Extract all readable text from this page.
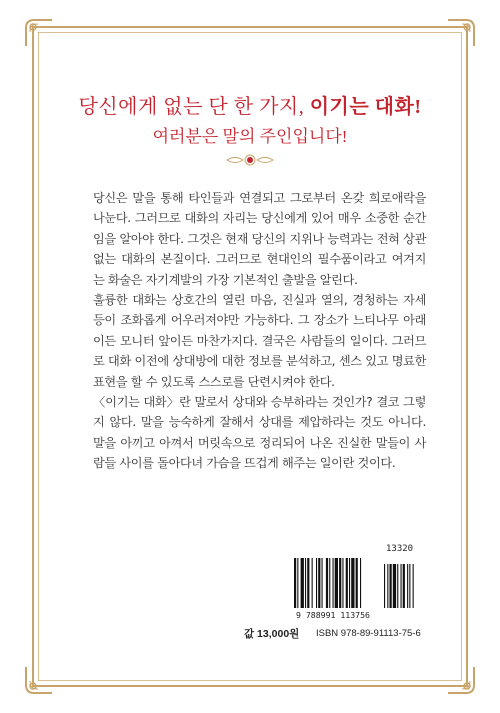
당신에게 없는 단 한 가지, 이기는 대화!
여러분은 말의 주인입니다!

당신은 말을 통해 타인들과 연결되고 그로부터 온갖 희로애락을 나눈다. 그러므로 대화의 자리는 당신에게 있어 매우 소중한 순간임을 알아야 한다. 그것은 현재 당신의 지위나 능력과는 전혀 상관없는 대화의 본질이다. 그러므로 현대인의 필수품이라고 여겨지는 화술은 자기계발의 가장 기본적인 출발을 알린다.

훌륭한 대화는 상호간의 열린 마음, 진실과 열의, 경청하는 자세 등이 조화롭게 어우러져야만 가능하다. 그 장소가 느티나무 아래이든 모니터 앞이든 마찬가지다. 결국은 사람들의 일이다. 그러므로 대화 이전에 상대방에 대한 정보를 분석하고, 센스 있고 명료한 표현을 할 수 있도록 스스로를 단련시켜야 한다.

〈이기는 대화〉란 말로서 상대와 승부하라는 것인가? 결코 그렇지 않다. 말을 능숙하게 잘해서 상대를 제압하라는 것도 아니다. 말을 아끼고 아껴서 머릿속으로 정리되어 나온 진실한 말들이 사람들 사이를 돌아다녀 가슴을 뜨겁게 해주는 일이란 것이다.

13320
9 788991 113756
값 13,000원 ISBN 978-89-91113-75-6
